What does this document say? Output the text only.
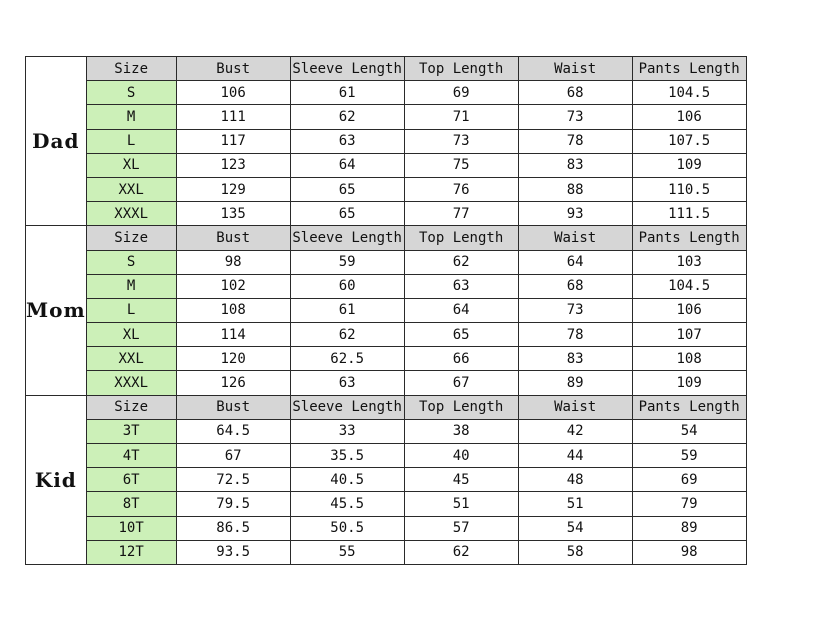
Dad	Size	Bust	Sleeve Length	Top Length	Waist	Pants Length
	S	106	61	69	68	104.5
	M	111	62	71	73	106
	L	117	63	73	78	107.5
	XL	123	64	75	83	109
	XXL	129	65	76	88	110.5
	XXXL	135	65	77	93	111.5
Mom	Size	Bust	Sleeve Length	Top Length	Waist	Pants Length
	S	98	59	62	64	103
	M	102	60	63	68	104.5
	L	108	61	64	73	106
	XL	114	62	65	78	107
	XXL	120	62.5	66	83	108
	XXXL	126	63	67	89	109
Kid	Size	Bust	Sleeve Length	Top Length	Waist	Pants Length
	3T	64.5	33	38	42	54
	4T	67	35.5	40	44	59
	6T	72.5	40.5	45	48	69
	8T	79.5	45.5	51	51	79
	10T	86.5	50.5	57	54	89
	12T	93.5	55	62	58	98
